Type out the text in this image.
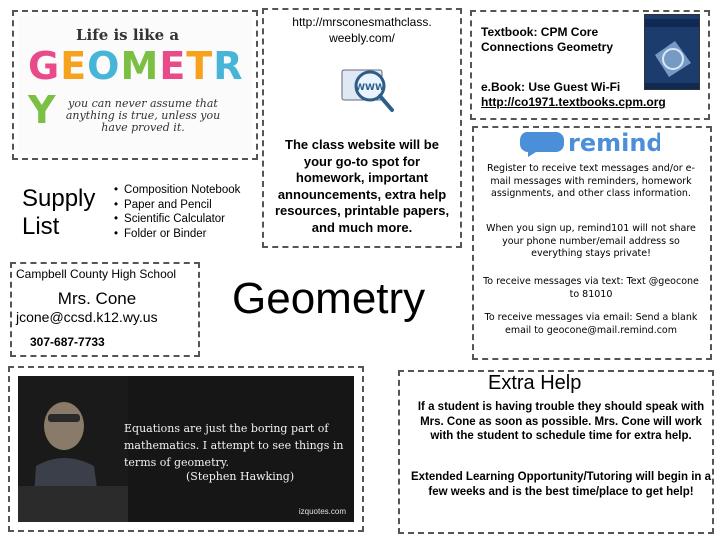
Life is like a
GEOMETRY	you can never assume that anything is true, unless you have proved it.
Supply List
• Composition Notebook
• Paper and Pencil
• Scientific Calculator
• Folder or Binder
Campbell County High School
Mrs. Cone
jcone@ccsd.k12.wy.us
307-687-7733
http://mrsconesmathclass. weebly.com/
WWW
The class website will be your go-to spot for homework, important announcements, extra help resources, printable papers, and much more.
Geometry
Textbook: CPM Core Connections Geometry
e.Book: Use Guest Wi-Fi
http://co1971.textbooks.cpm.org
remind
Register to receive text messages and/or e-mail messages with reminders, homework assignments, and other class information.
When you sign up, remind101 will not share your phone number/email address so everything stays private!
To receive messages via text: Text @geocone to 81010
To receive messages via email: Send a blank email to geocone@mail.remind.com
Equations are just the boring part of mathematics. I attempt to see things in terms of geometry.
(Stephen Hawking)
izquotes.com
Extra Help
If a student is having trouble they should speak with Mrs. Cone as soon as possible. Mrs. Cone will work with the student to schedule time for extra help.
Extended Learning Opportunity/Tutoring will begin in a few weeks and is the best time/place to get help!
